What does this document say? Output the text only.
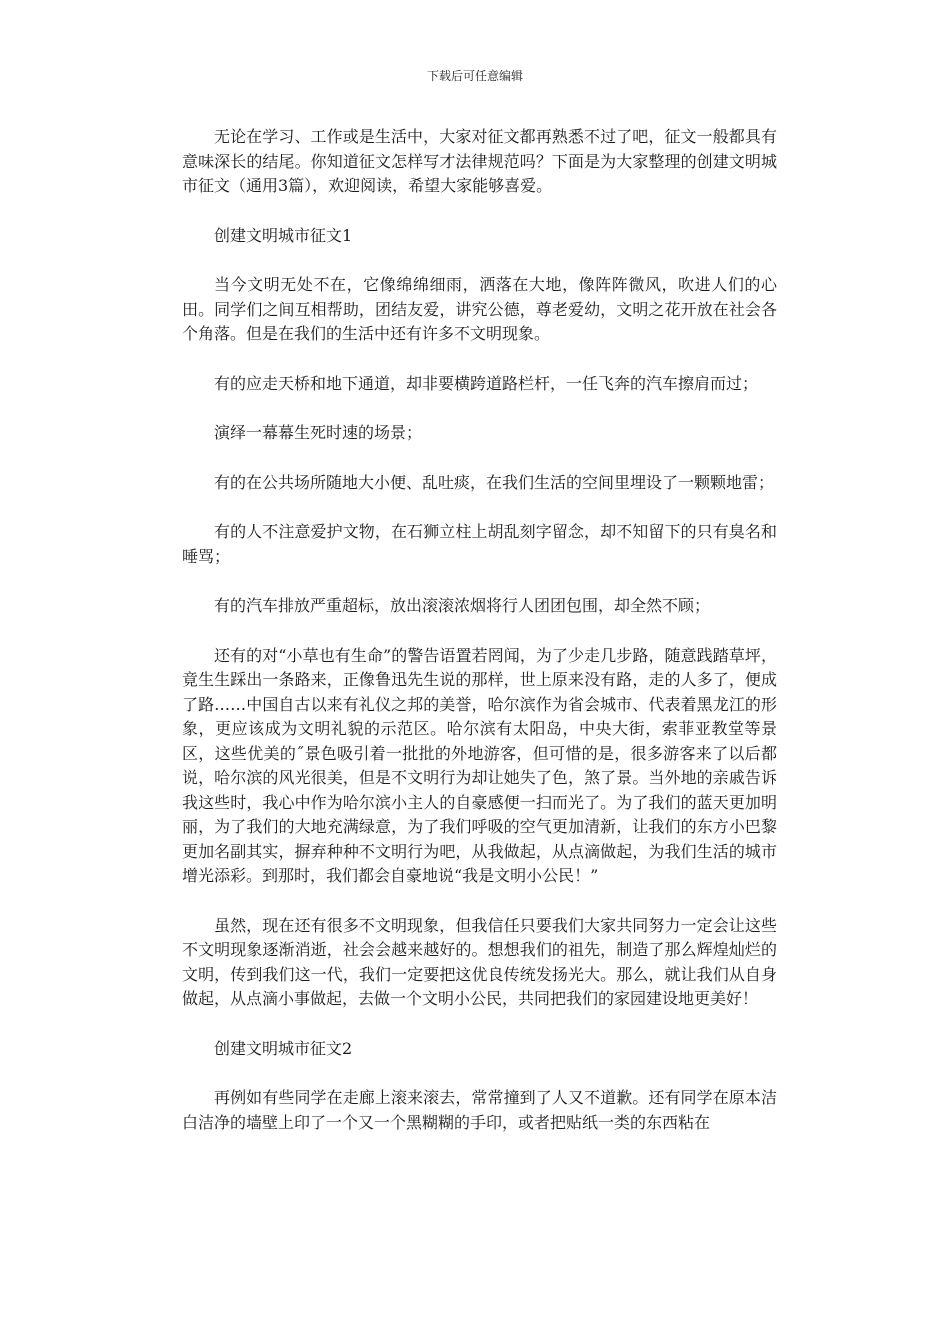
下载后可任意编辑

无论在学习、工作或是生活中，大家对征文都再熟悉不过了吧，征文一般都具有意味深长的结尾。你知道征文怎样写才法律规范吗？下面是为大家整理的创建文明城市征文（通用3篇），欢迎阅读，希望大家能够喜爱。

创建文明城市征文1

当今文明无处不在，它像绵绵细雨，洒落在大地，像阵阵微风，吹进人们的心田。同学们之间互相帮助，团结友爱，讲究公德，尊老爱幼，文明之花开放在社会各个角落。但是在我们的生活中还有许多不文明现象。

有的应走天桥和地下通道，却非要横跨道路栏杆，一任飞奔的汽车擦肩而过；

演绎一幕幕生死时速的场景；

有的在公共场所随地大小便、乱吐痰，在我们生活的空间里埋设了一颗颗地雷；

有的人不注意爱护文物，在石狮立柱上胡乱刻字留念，却不知留下的只有臭名和唾骂；

有的汽车排放严重超标，放出滚滚浓烟将行人团团包围，却全然不顾；

还有的对“小草也有生命”的警告语置若罔闻，为了少走几步路，随意践踏草坪，竟生生踩出一条路来，正像鲁迅先生说的那样，世上原来没有路，走的人多了，便成了路……中国自古以来有礼仪之邦的美誉，哈尔滨作为省会城市、代表着黑龙江的形象，更应该成为文明礼貌的示范区。哈尔滨有太阳岛，中央大街，索菲亚教堂等景区，这些优美的˝景色吸引着一批批的外地游客，但可惜的是，很多游客来了以后都说，哈尔滨的风光很美，但是不文明行为却让她失了色，煞了景。当外地的亲戚告诉我这些时，我心中作为哈尔滨小主人的自豪感便一扫而光了。为了我们的蓝天更加明丽，为了我们的大地充满绿意，为了我们呼吸的空气更加清新，让我们的东方小巴黎更加名副其实，摒弃种种不文明行为吧，从我做起，从点滴做起，为我们生活的城市增光添彩。到那时，我们都会自豪地说“我是文明小公民！”

虽然，现在还有很多不文明现象，但我信任只要我们大家共同努力一定会让这些不文明现象逐渐消逝，社会会越来越好的。想想我们的祖先，制造了那么辉煌灿烂的文明，传到我们这一代，我们一定要把这优良传统发扬光大。那么，就让我们从自身做起，从点滴小事做起，去做一个文明小公民，共同把我们的家园建设地更美好！

创建文明城市征文2

再例如有些同学在走廊上滚来滚去，常常撞到了人又不道歉。还有同学在原本洁白洁净的墙壁上印了一个又一个黑糊糊的手印，或者把贴纸一类的东西粘在
